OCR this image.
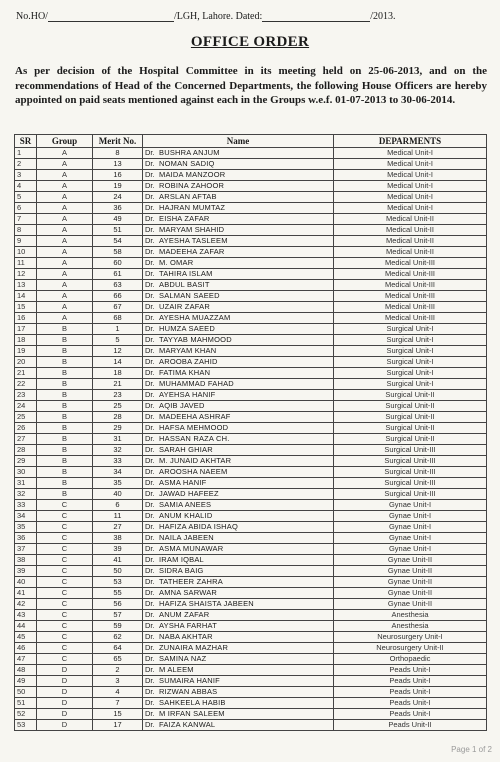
No.HO/	/LGH, Lahore. Dated:	/2013.
OFFICE ORDER
As per decision of the Hospital Committee in its meeting held on 25-06-2013, and on the recommendations of Head of the Concerned Departments, the following House Officers are hereby appointed on paid seats mentioned against each in the Groups w.e.f. 01-07-2013 to 30-06-2014.
SR	Group	Merit No.	Name	DEPARMENTS
1	A	8	Dr. BUSHRA ANJUM	Medical Unit-I
2	A	13	Dr. NOMAN SADIQ	Medical Unit-I
3	A	16	Dr. MAIDA MANZOOR	Medical Unit-I
4	A	19	Dr. ROBINA ZAHOOR	Medical Unit-I
5	A	24	Dr. ARSLAN AFTAB	Medical Unit-I
6	A	36	Dr. HAJRAN MUMTAZ	Medical Unit-I
7	A	49	Dr. EISHA ZAFAR	Medical Unit-II
8	A	51	Dr. MARYAM SHAHID	Medical Unit-II
9	A	54	Dr. AYESHA TASLEEM	Medical Unit-II
10	A	58	Dr. MADEEHA ZAFAR	Medical Unit-II
11	A	60	Dr. M. OMAR	Medical Unit-III
12	A	61	Dr. TAHIRA ISLAM	Medical Unit-III
13	A	63	Dr. ABDUL BASIT	Medical Unit-III
14	A	66	Dr. SALMAN SAEED	Medical Unit-III
15	A	67	Dr. UZAIR ZAFAR	Medical Unit-III
16	A	68	Dr. AYESHA MUAZZAM	Medical Unit-III
17	B	1	Dr. HUMZA SAEED	Surgical Unit-I
18	B	5	Dr. TAYYAB MAHMOOD	Surgical Unit-I
19	B	12	Dr. MARYAM KHAN	Surgical Unit-I
20	B	14	Dr. AROOBA ZAHID	Surgical Unit-I
21	B	18	Dr. FATIMA KHAN	Surgical Unit-I
22	B	21	Dr. MUHAMMAD FAHAD	Surgical Unit-I
23	B	23	Dr. AYEHSA HANIF	Surgical Unit-II
24	B	25	Dr. AQIB JAVED	Surgical Unit-II
25	B	28	Dr. MADEEHA ASHRAF	Surgical Unit-II
26	B	29	Dr. HAFSA MEHMOOD	Surgical Unit-II
27	B	31	Dr. HASSAN RAZA CH.	Surgical Unit-II
28	B	32	Dr. SARAH GHIAR	Surgical Unit-III
29	B	33	Dr. M. JUNAID AKHTAR	Surgical Unit-III
30	B	34	Dr. AROOSHA NAEEM	Surgical Unit-III
31	B	35	Dr. ASMA HANIF	Surgical Unit-III
32	B	40	Dr. JAWAD HAFEEZ	Surgical Unit-III
33	C	6	Dr. SAMIA ANEES	Gynae Unit-I
34	C	11	Dr. ANUM KHALID	Gynae Unit-I
35	C	27	Dr. HAFIZA ABIDA ISHAQ	Gynae Unit-I
36	C	38	Dr. NAILA JABEEN	Gynae Unit-I
37	C	39	Dr. ASMA MUNAWAR	Gynae Unit-I
38	C	41	Dr. IRAM IQBAL	Gynae Unit-II
39	C	50	Dr. SIDRA BAIG	Gynae Unit-II
40	C	53	Dr. TATHEER ZAHRA	Gynae Unit-II
41	C	55	Dr. AMNA SARWAR	Gynae Unit-II
42	C	56	Dr. HAFIZA SHAISTA JABEEN	Gynae Unit-II
43	C	57	Dr. ANUM ZAFAR	Anesthesia
44	C	59	Dr. AYSHA FARHAT	Anesthesia
45	C	62	Dr. NABA AKHTAR	Neurosurgery Unit-I
46	C	64	Dr. ZUNAIRA MAZHAR	Neurosurgery Unit-II
47	C	65	Dr. SAMINA NAZ	Orthopaedic
48	D	2	Dr. M ALEEM	Peads Unit-I
49	D	3	Dr. SUMAIRA HANIF	Peads Unit-I
50	D	4	Dr. RIZWAN ABBAS	Peads Unit-I
51	D	7	Dr. SAHKEELA HABIB	Peads Unit-I
52	D	15	Dr. M IRFAN SALEEM	Peads Unit-I
53	D	17	Dr. FAIZA KANWAL	Peads Unit-II
Page 1 of 2
